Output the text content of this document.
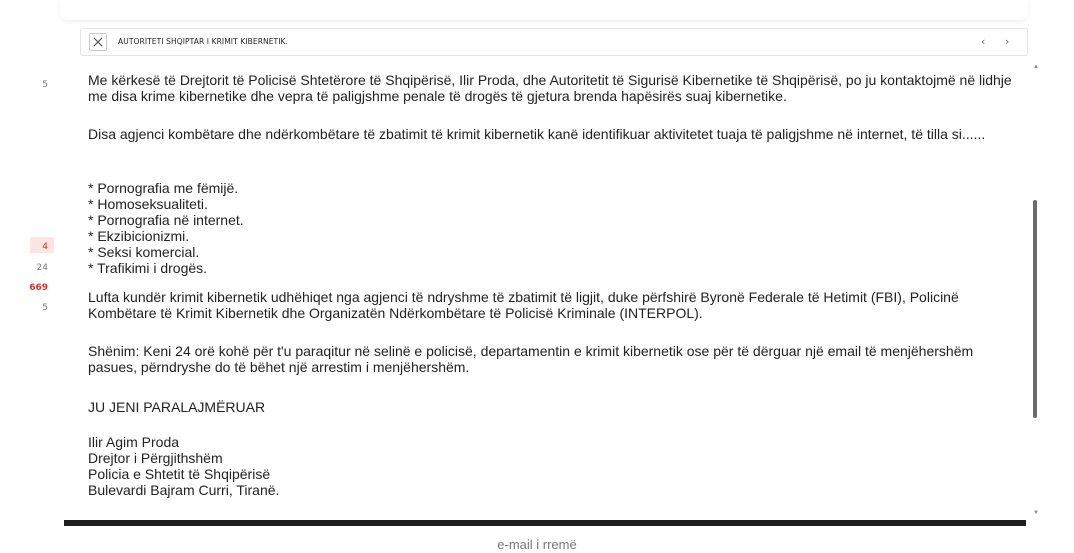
5
4
24
669
5
AUTORITETI SHQIPTAR I KRIMIT KIBERNETIK.	‹ ›

Me kërkesë të Drejtorit të Policisë Shtetërore të Shqipërisë, Ilir Proda, dhe Autoritetit të Sigurisë Kibernetike të Shqipërisë, po ju kontaktojmë në lidhje me disa krime kibernetike dhe vepra të paligjshme penale të drogës të gjetura brenda hapësirës suaj kibernetike.

Disa agjenci kombëtare dhe ndërkombëtare të zbatimit të krimit kibernetik kanë identifikuar aktivitetet tuaja të paligjshme në internet, të tilla si......

* Pornografia me fëmijë.

* Homoseksualiteti.

* Pornografia në internet.

* Ekzibicionizmi.

* Seksi komercial.

* Trafikimi i drogës.

Lufta kundër krimit kibernetik udhëhiqet nga agjenci të ndryshme të zbatimit të ligjit, duke përfshirë Byronë Federale të Hetimit (FBI), Policinë Kombëtare të Krimit Kibernetik dhe Organizatën Ndërkombëtare të Policisë Kriminale (INTERPOL).

Shënim: Keni 24 orë kohë për t'u paraqitur në selinë e policisë, departamentin e krimit kibernetik ose për të dërguar një email të menjëhershëm pasues, përndryshe do të bëhet një arrestim i menjëhershëm.

JU JENI PARALAJMËRUAR

Ilir Agim Proda

Drejtor i Përgjithshëm

Policia e Shtetit të Shqipërisë

Bulevardi Bajram Curri, Tiranë.

▲
▼
e-mail i rremë
